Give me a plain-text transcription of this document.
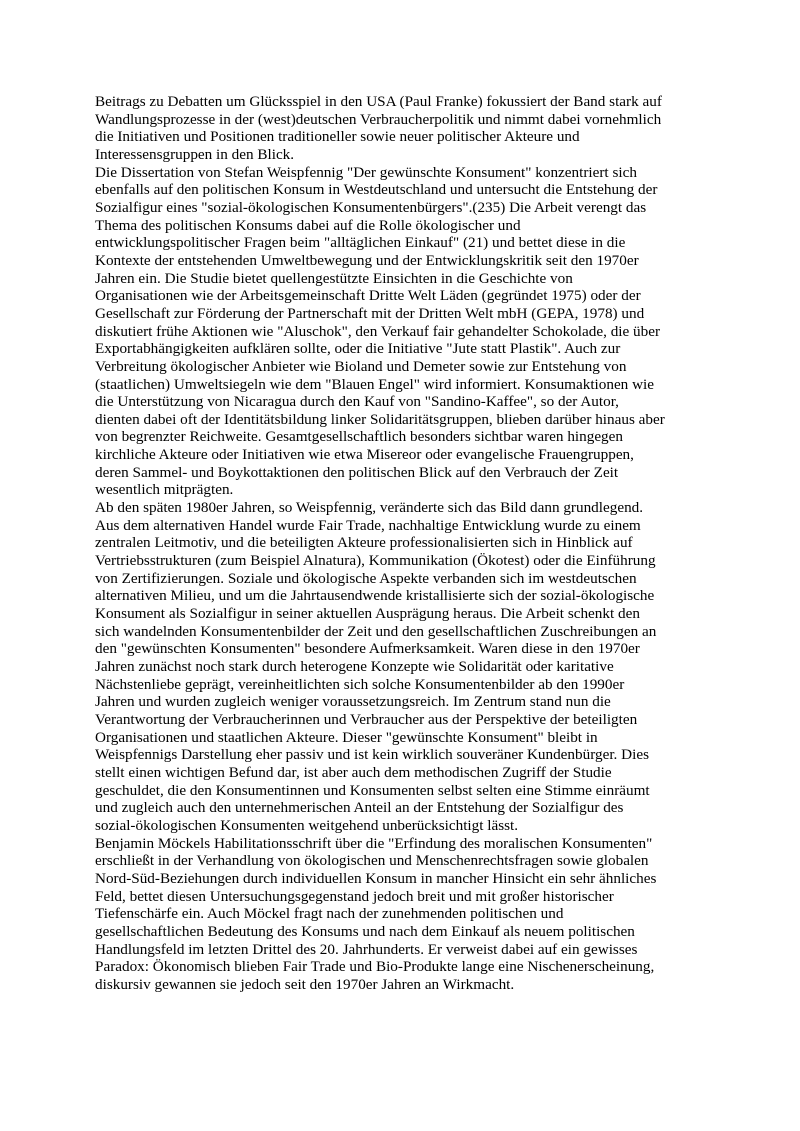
Beitrags zu Debatten um Glücksspiel in den USA (Paul Franke) fokussiert der Band stark auf
Wandlungsprozesse in der (west)deutschen Verbraucherpolitik und nimmt dabei vornehmlich
die Initiativen und Positionen traditioneller sowie neuer politischer Akteure und
Interessensgruppen in den Blick.

Die Dissertation von Stefan Weispfennig "Der gewünschte Konsument" konzentriert sich
ebenfalls auf den politischen Konsum in Westdeutschland und untersucht die Entstehung der
Sozialfigur eines "sozial-ökologischen Konsumentenbürgers".(235) Die Arbeit verengt das
Thema des politischen Konsums dabei auf die Rolle ökologischer und
entwicklungspolitischer Fragen beim "alltäglichen Einkauf" (21) und bettet diese in die
Kontexte der entstehenden Umweltbewegung und der Entwicklungskritik seit den 1970er
Jahren ein. Die Studie bietet quellengestützte Einsichten in die Geschichte von
Organisationen wie der Arbeitsgemeinschaft Dritte Welt Läden (gegründet 1975) oder der
Gesellschaft zur Förderung der Partnerschaft mit der Dritten Welt mbH (GEPA, 1978) und
diskutiert frühe Aktionen wie "Aluschok", den Verkauf fair gehandelter Schokolade, die über
Exportabhängigkeiten aufklären sollte, oder die Initiative "Jute statt Plastik". Auch zur
Verbreitung ökologischer Anbieter wie Bioland und Demeter sowie zur Entstehung von
(staatlichen) Umweltsiegeln wie dem "Blauen Engel" wird informiert. Konsumaktionen wie
die Unterstützung von Nicaragua durch den Kauf von "Sandino-Kaffee", so der Autor,
dienten dabei oft der Identitätsbildung linker Solidaritätsgruppen, blieben darüber hinaus aber
von begrenzter Reichweite. Gesamtgesellschaftlich besonders sichtbar waren hingegen
kirchliche Akteure oder Initiativen wie etwa Misereor oder evangelische Frauengruppen,
deren Sammel- und Boykottaktionen den politischen Blick auf den Verbrauch der Zeit
wesentlich mitprägten.

Ab den späten 1980er Jahren, so Weispfennig, veränderte sich das Bild dann grundlegend.
Aus dem alternativen Handel wurde Fair Trade, nachhaltige Entwicklung wurde zu einem
zentralen Leitmotiv, und die beteiligten Akteure professionalisierten sich in Hinblick auf
Vertriebsstrukturen (zum Beispiel Alnatura), Kommunikation (Ökotest) oder die Einführung
von Zertifizierungen. Soziale und ökologische Aspekte verbanden sich im westdeutschen
alternativen Milieu, und um die Jahrtausendwende kristallisierte sich der sozial-ökologische
Konsument als Sozialfigur in seiner aktuellen Ausprägung heraus. Die Arbeit schenkt den
sich wandelnden Konsumentenbilder der Zeit und den gesellschaftlichen Zuschreibungen an
den "gewünschten Konsumenten" besondere Aufmerksamkeit. Waren diese in den 1970er
Jahren zunächst noch stark durch heterogene Konzepte wie Solidarität oder karitative
Nächstenliebe geprägt, vereinheitlichten sich solche Konsumentenbilder ab den 1990er
Jahren und wurden zugleich weniger voraussetzungsreich. Im Zentrum stand nun die
Verantwortung der Verbraucherinnen und Verbraucher aus der Perspektive der beteiligten
Organisationen und staatlichen Akteure. Dieser "gewünschte Konsument" bleibt in
Weispfennigs Darstellung eher passiv und ist kein wirklich souveräner Kundenbürger. Dies
stellt einen wichtigen Befund dar, ist aber auch dem methodischen Zugriff der Studie
geschuldet, die den Konsumentinnen und Konsumenten selbst selten eine Stimme einräumt
und zugleich auch den unternehmerischen Anteil an der Entstehung der Sozialfigur des
sozial-ökologischen Konsumenten weitgehend unberücksichtigt lässt.

Benjamin Möckels Habilitationsschrift über die "Erfindung des moralischen Konsumenten"
erschließt in der Verhandlung von ökologischen und Menschenrechtsfragen sowie globalen
Nord-Süd-Beziehungen durch individuellen Konsum in mancher Hinsicht ein sehr ähnliches
Feld, bettet diesen Untersuchungsgegenstand jedoch breit und mit großer historischer
Tiefenschärfe ein. Auch Möckel fragt nach der zunehmenden politischen und
gesellschaftlichen Bedeutung des Konsums und nach dem Einkauf als neuem politischen
Handlungsfeld im letzten Drittel des 20. Jahrhunderts. Er verweist dabei auf ein gewisses
Paradox: Ökonomisch blieben Fair Trade und Bio-Produkte lange eine Nischenerscheinung,
diskursiv gewannen sie jedoch seit den 1970er Jahren an Wirkmacht.
